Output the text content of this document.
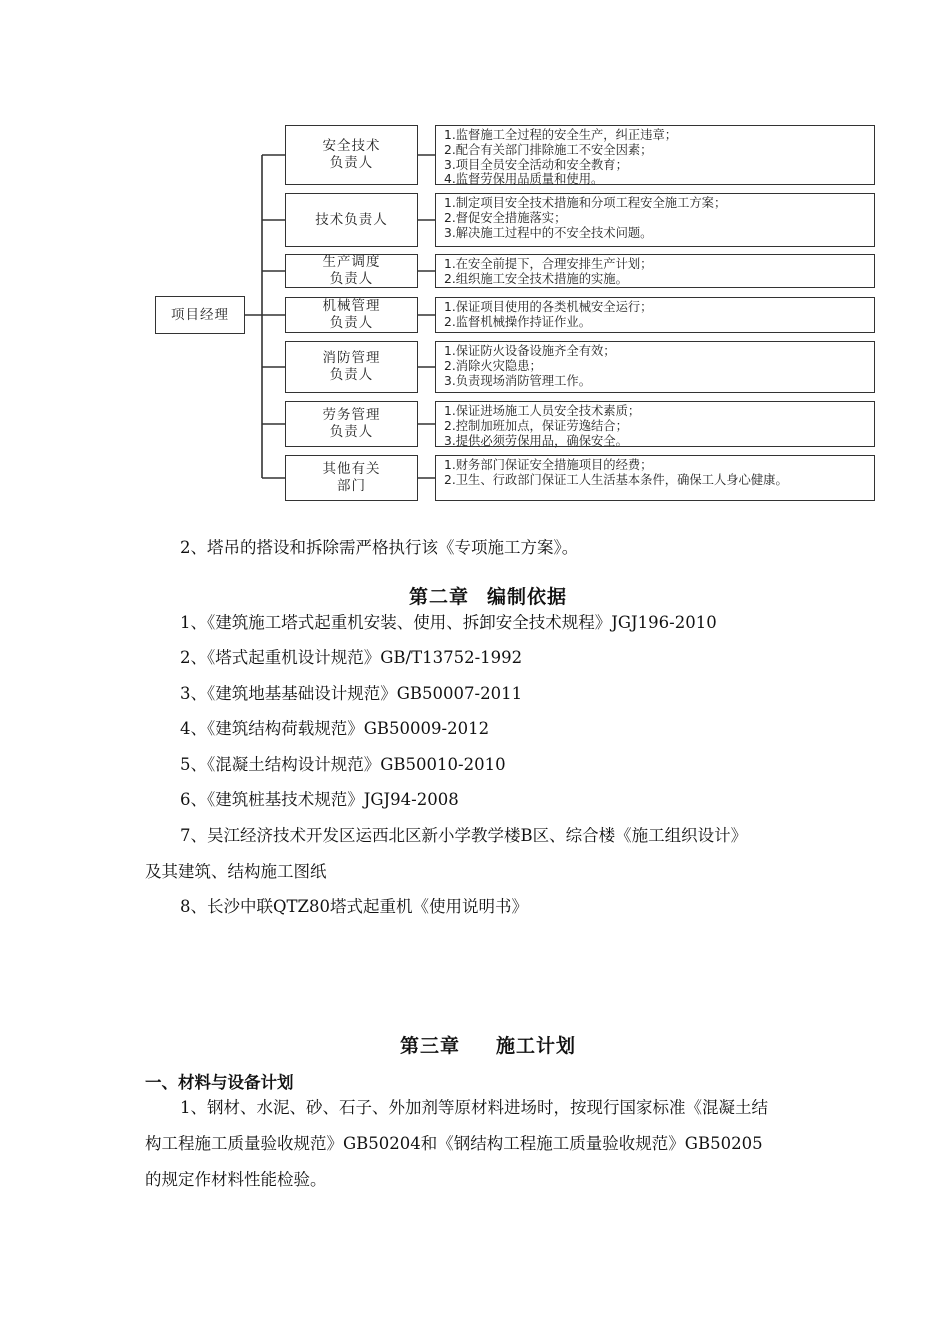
项目经理
安全技术
负责人
技术负责人
生产调度
负责人
机械管理
负责人
消防管理
负责人
劳务管理
负责人
其他有关
部门
1.监督施工全过程的安全生产，纠正违章；
2.配合有关部门排除施工不安全因素；
3.项目全员安全活动和安全教育；
4.监督劳保用品质量和使用。
1.制定项目安全技术措施和分项工程安全施工方案；
2.督促安全措施落实；
3.解决施工过程中的不安全技术问题。
1.在安全前提下，合理安排生产计划；
2.组织施工安全技术措施的实施。
1.保证项目使用的各类机械安全运行；
2.监督机械操作持证作业。
1.保证防火设备设施齐全有效；
2.消除火灾隐患；
3.负责现场消防管理工作。
1.保证进场施工人员安全技术素质；
2.控制加班加点，保证劳逸结合；
3.提供必须劳保用品，确保安全。
1.财务部门保证安全措施项目的经费；
2.卫生、行政部门保证工人生活基本条件，确保工人身心健康。
2、塔吊的搭设和拆除需严格执行该《专项施工方案》。
第二章 编制依据
1、《建筑施工塔式起重机安装、使用、拆卸安全技术规程》JGJ196-2010
2、《塔式起重机设计规范》GB/T13752-1992
3、《建筑地基基础设计规范》GB50007-2011
4、《建筑结构荷载规范》GB50009-2012
5、《混凝土结构设计规范》GB50010-2010
6、《建筑桩基技术规范》JGJ94-2008
7、吴江经济技术开发区运西北区新小学教学楼B区、综合楼《施工组织设计》
及其建筑、结构施工图纸
8、长沙中联QTZ80塔式起重机《使用说明书》
第三章 施工计划
一、材料与设备计划
1、钢材、水泥、砂、石子、外加剂等原材料进场时，按现行国家标准《混凝土结
构工程施工质量验收规范》GB50204和《钢结构工程施工质量验收规范》GB50205
的规定作材料性能检验。
